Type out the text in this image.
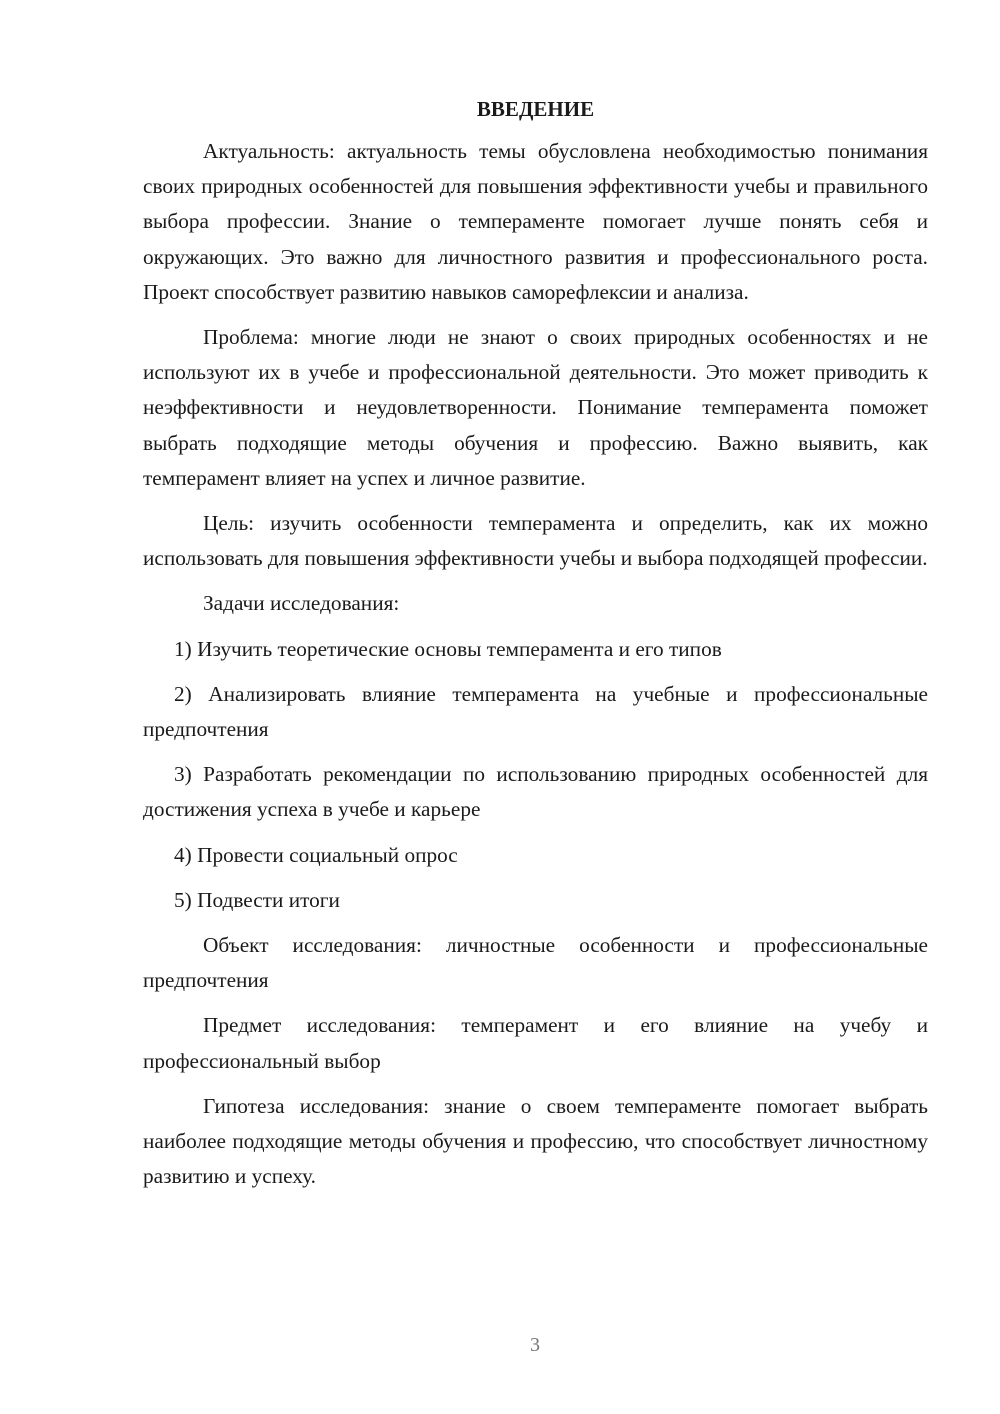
ВВЕДЕНИЕ

Актуальность: актуальность темы обусловлена необходимостью понимания своих природных особенностей для повышения эффективности учебы и правильного выбора профессии. Знание о темпераменте помогает лучше понять себя и окружающих. Это важно для личностного развития и профессионального роста. Проект способствует развитию навыков саморефлексии и анализа.

Проблема: многие люди не знают о своих природных особенностях и не используют их в учебе и профессиональной деятельности. Это может приводить к неэффективности и неудовлетворенности. Понимание темперамента поможет выбрать подходящие методы обучения и профессию. Важно выявить, как темперамент влияет на успех и личное развитие.

Цель: изучить особенности темперамента и определить, как их можно использовать для повышения эффективности учебы и выбора подходящей профессии.

Задачи исследования:

1) Изучить теоретические основы темперамента и его типов

2) Анализировать влияние темперамента на учебные и профессиональные предпочтения

3) Разработать рекомендации по использованию природных особенностей для достижения успеха в учебе и карьере

4) Провести социальный опрос

5) Подвести итоги

Объект исследования: личностные особенности и профессиональные предпочтения

Предмет исследования: темперамент и его влияние на учебу и профессиональный выбор

Гипотеза исследования: знание о своем темпераменте помогает выбрать наиболее подходящие методы обучения и профессию, что способствует личностному развитию и успеху.

3
